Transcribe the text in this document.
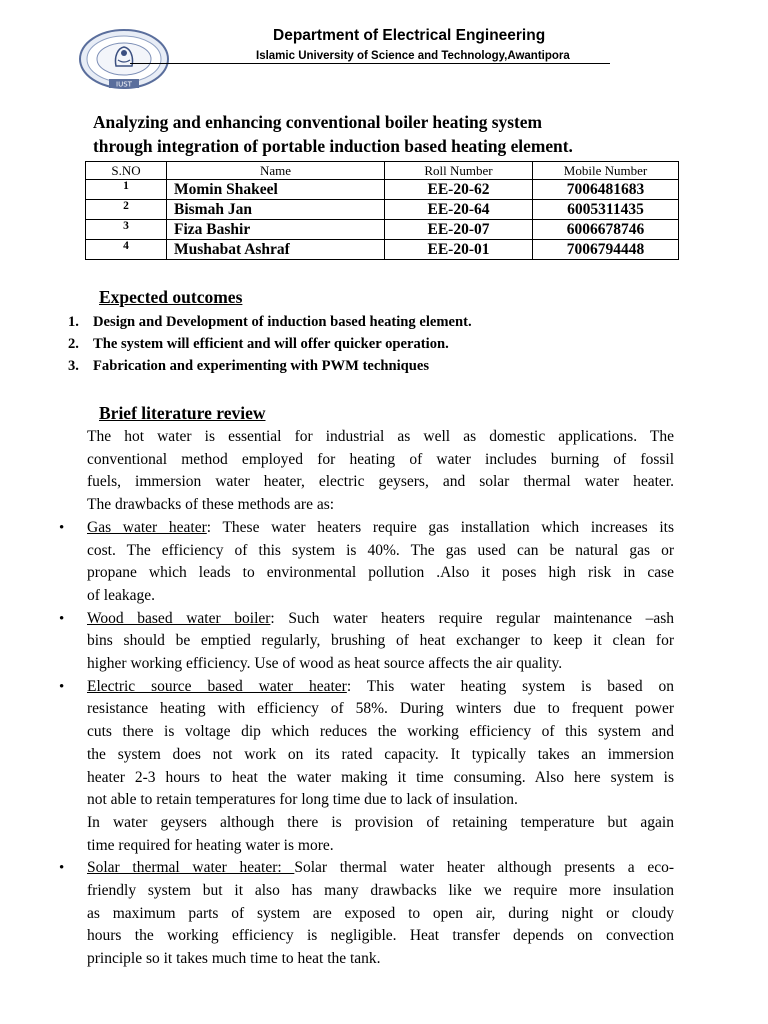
IUST
Department of Electrical Engineering
Islamic University of Science and Technology,Awantipora
Analyzing and enhancing conventional boiler heating system
through integration of portable induction based heating element.
S.NO	Name	Roll Number	Mobile Number
1	Momin Shakeel	EE-20-62	7006481683
2	Bismah Jan	EE-20-64	6005311435
3	Fiza Bashir	EE-20-07	6006678746
4	Mushabat Ashraf	EE-20-01	7006794448
Expected outcomes
1. Design and Development of induction based heating element.
2. The system will efficient and will offer quicker operation.
3. Fabrication and experimenting with PWM techniques
Brief literature review

The hot water is essential for industrial as well as domestic applications. The

conventional method employed for heating of water includes burning of fossil

fuels, immersion water heater, electric geysers, and solar thermal water heater.

The drawbacks of these methods are as:

• Gas water heater: These water heaters require gas installation which increases its

cost. The efficiency of this system is 40%. The gas used can be natural gas or

propane which leads to environmental pollution .Also it poses high risk in case

of leakage.

• Wood based water boiler: Such water heaters require regular maintenance –ash

bins should be emptied regularly, brushing of heat exchanger to keep it clean for

higher working efficiency. Use of wood as heat source affects the air quality.

• Electric source based water heater: This water heating system is based on

resistance heating with efficiency of 58%. During winters due to frequent power

cuts there is voltage dip which reduces the working efficiency of this system and

the system does not work on its rated capacity. It typically takes an immersion

heater 2-3 hours to heat the water making it time consuming. Also here system is

not able to retain temperatures for long time due to lack of insulation.

In water geysers although there is provision of retaining temperature but again

time required for heating water is more.

• Solar thermal water heater: Solar thermal water heater although presents a eco-

friendly system but it also has many drawbacks like we require more insulation

as maximum parts of system are exposed to open air, during night or cloudy

hours the working efficiency is negligible. Heat transfer depends on convection

principle so it takes much time to heat the tank.
